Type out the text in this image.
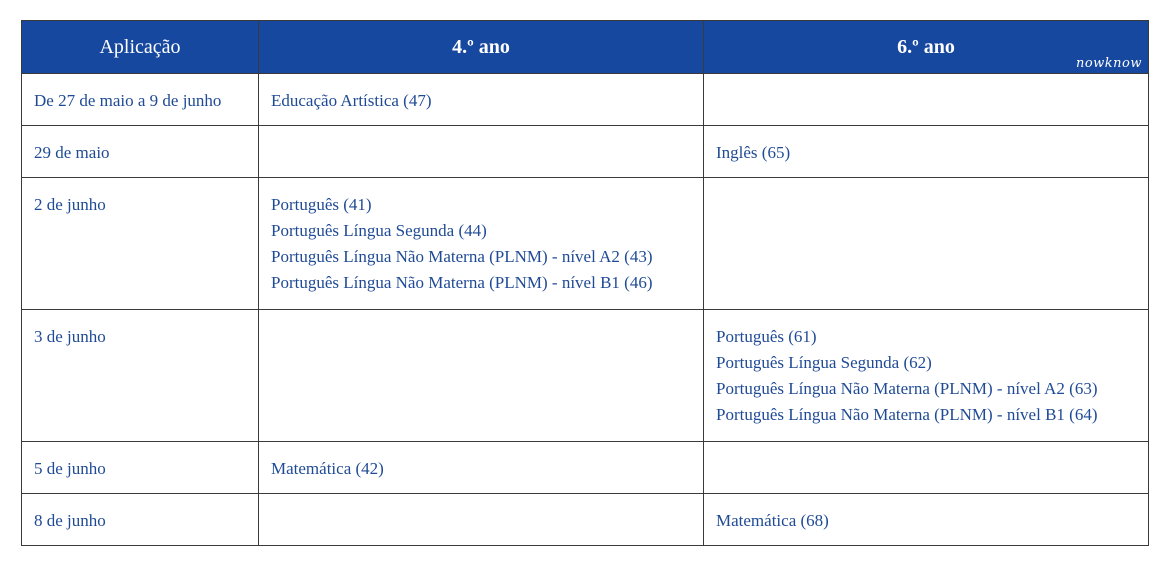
Aplicação	4.º ano	6.º ano
nowknow

De 27 de maio a 9 de junho	Educação Artística (47)	

29 de maio		Inglês (65)

2 de junho	Português (41)
Português Língua Segunda (44)
Português Língua Não Materna (PLNM) - nível A2 (43)
Português Língua Não Materna (PLNM) - nível B1 (46)	

3 de junho		Português (61)
Português Língua Segunda (62)
Português Língua Não Materna (PLNM) - nível A2 (63)
Português Língua Não Materna (PLNM) - nível B1 (64)

5 de junho	Matemática (42)	

8 de junho		Matemática (68)
